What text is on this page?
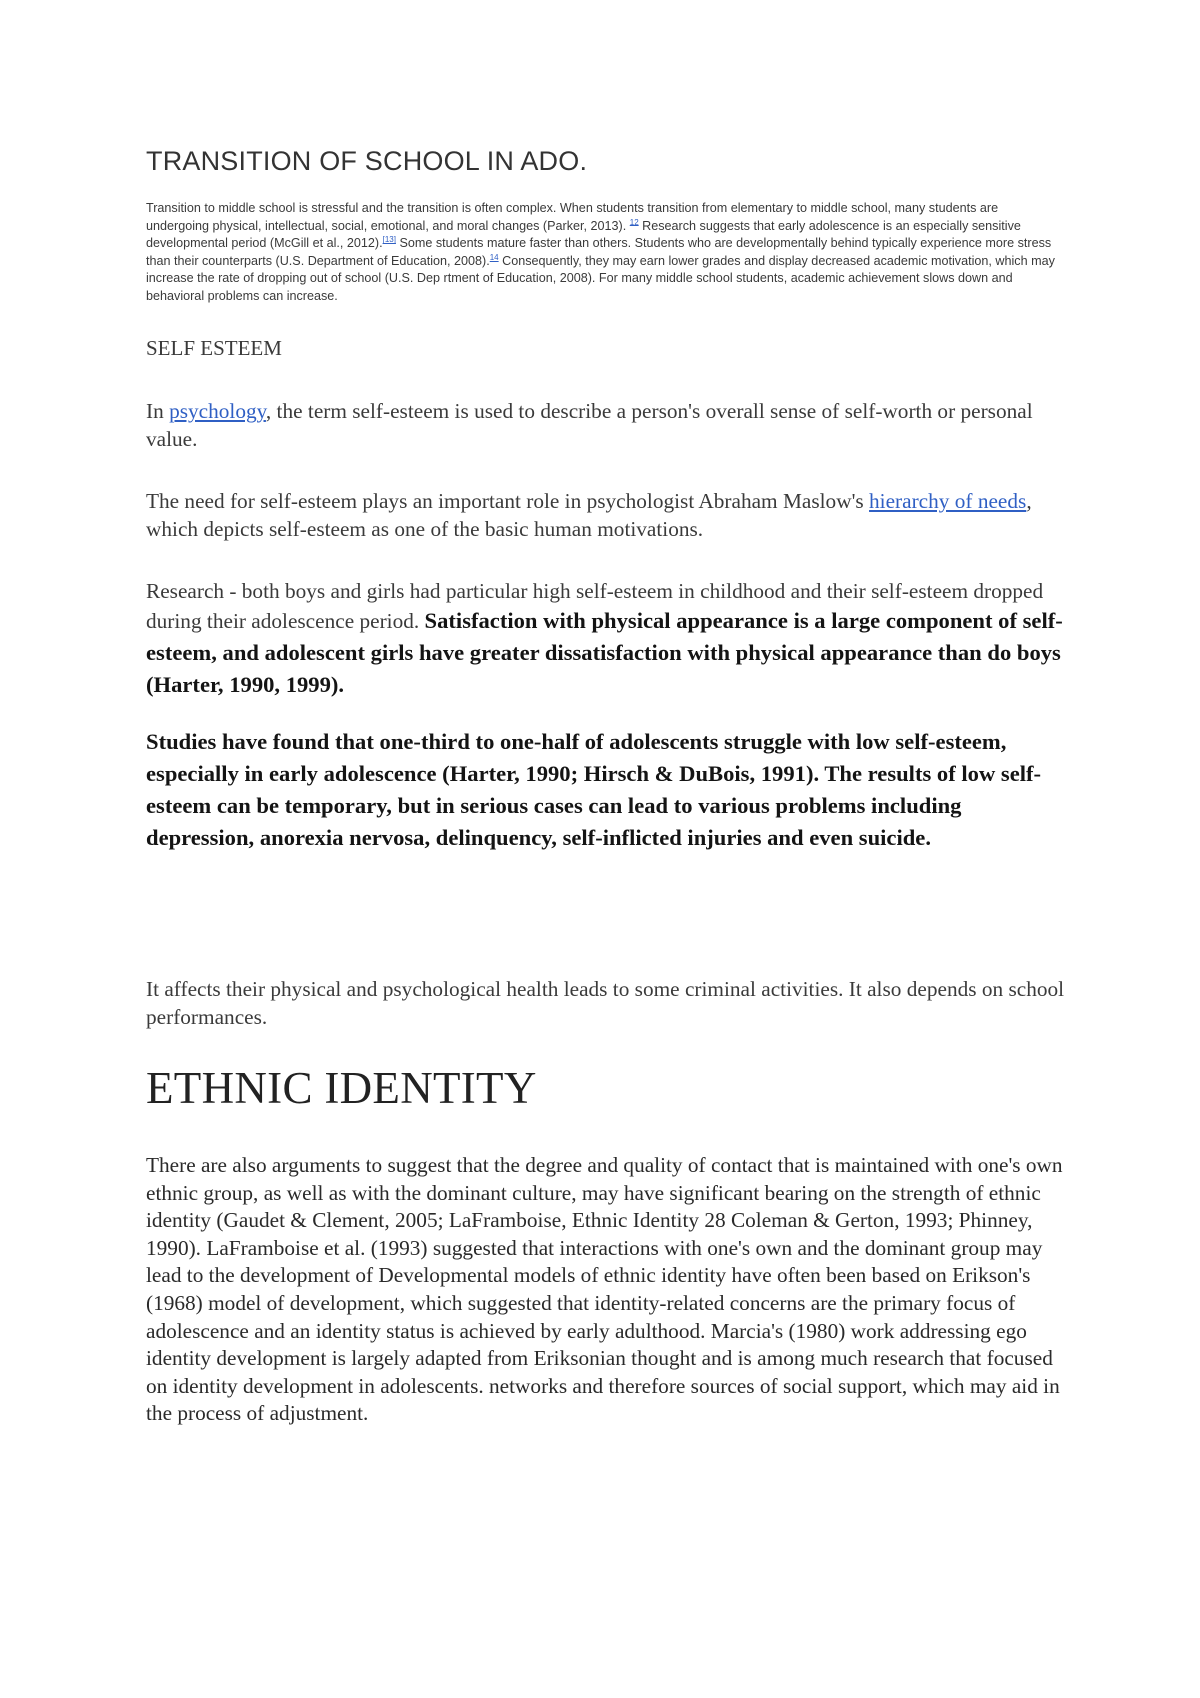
TRANSITION OF SCHOOL IN ADO.

Transition to middle school is stressful and the transition is often complex. When students transition from elementary to middle school, many students are undergoing physical, intellectual, social, emotional, and moral changes (Parker, 2013). $^{12}$ Research suggests that early adolescence is an especially sensitive developmental period (McGill et al., 2012).[13] Some students mature faster than others. Students who are developmentally behind typically experience more stress than their counterparts (U.S. Department of Education, 2008).$^{14}$ Consequently, they may earn lower grades and display decreased academic motivation, which may increase the rate of dropping out of school (U.S. Dep rtment of Education, 2008). For many middle school students, academic achievement slows down and behavioral problems can increase.

SELF ESTEEM

In psychology, the term self-esteem is used to describe a person's overall sense of self-worth or personal value.

The need for self-esteem plays an important role in psychologist Abraham Maslow's hierarchy of needs, which depicts self-esteem as one of the basic human motivations.

Research - both boys and girls had particular high self-esteem in childhood and their self-esteem dropped during their adolescence period. Satisfaction with physical appearance is a large component of self-esteem, and adolescent girls have greater dissatisfaction with physical appearance than do boys (Harter, 1990, 1999).

Studies have found that one-third to one-half of adolescents struggle with low self-esteem, especially in early adolescence (Harter, 1990; Hirsch & DuBois, 1991). The results of low self-esteem can be temporary, but in serious cases can lead to various problems including depression, anorexia nervosa, delinquency, self-inflicted injuries and even suicide.

It affects their physical and psychological health leads to some criminal activities. It also depends on school performances.

ETHNIC IDENTITY

There are also arguments to suggest that the degree and quality of contact that is maintained with one's own ethnic group, as well as with the dominant culture, may have significant bearing on the strength of ethnic identity (Gaudet & Clement, 2005; LaFramboise, Ethnic Identity 28 Coleman & Gerton, 1993; Phinney, 1990). LaFramboise et al. (1993) suggested that interactions with one's own and the dominant group may lead to the development of Developmental models of ethnic identity have often been based on Erikson's (1968) model of development, which suggested that identity-related concerns are the primary focus of adolescence and an identity status is achieved by early adulthood. Marcia's (1980) work addressing ego identity development is largely adapted from Eriksonian thought and is among much research that focused on identity development in adolescents. networks and therefore sources of social support, which may aid in the process of adjustment.
